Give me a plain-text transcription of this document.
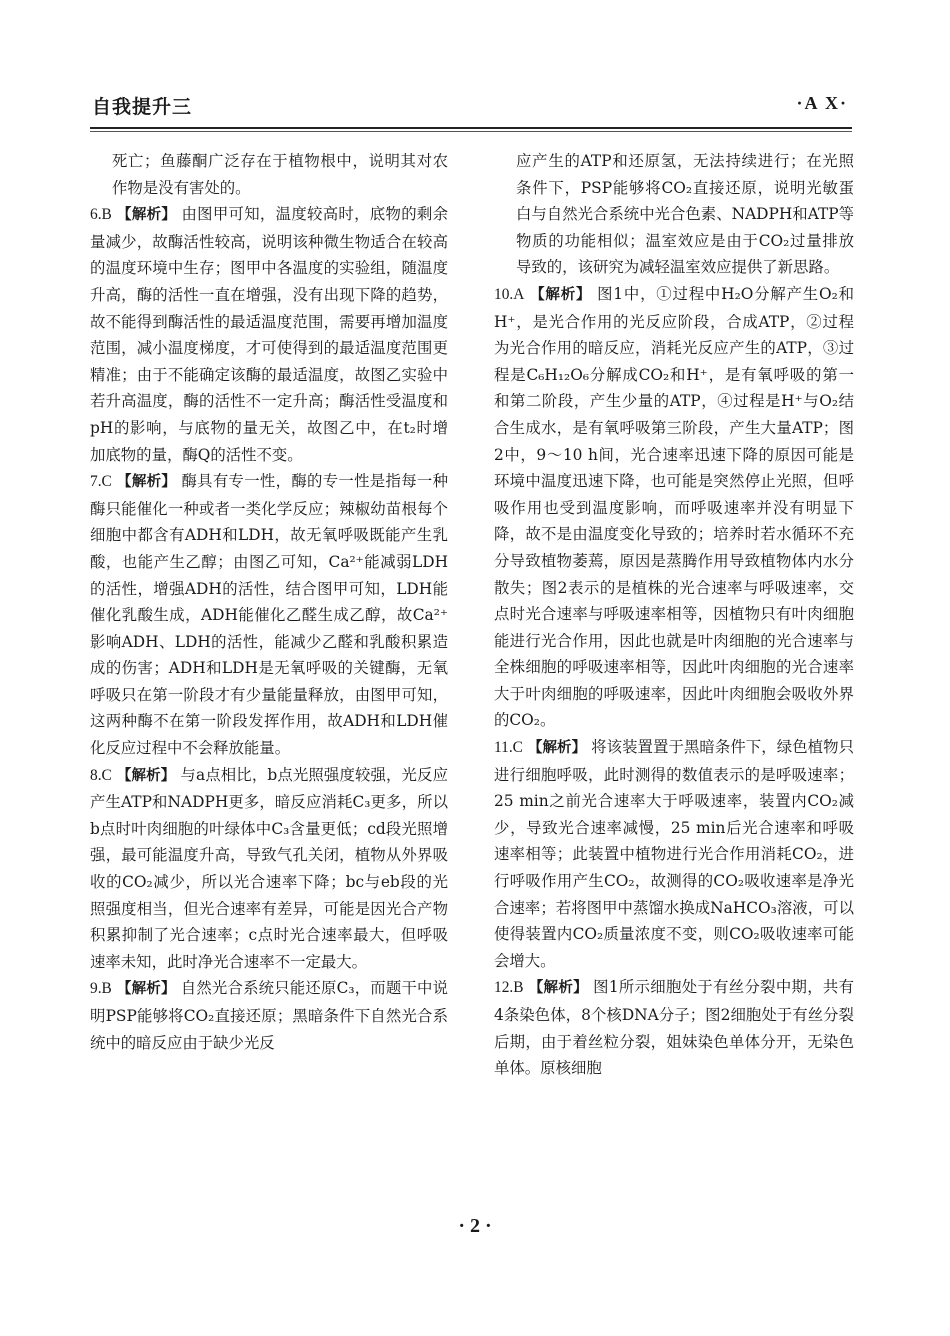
自我提升三	·A X·

死亡；鱼藤酮广泛存在于植物根中，说明其对农作物是没有害处的。

6.B 【解析】 由图甲可知，温度较高时，底物的剩余量减少，故酶活性较高，说明该种微生物适合在较高的温度环境中生存；图甲中各温度的实验组，随温度升高，酶的活性一直在增强，没有出现下降的趋势，故不能得到酶活性的最适温度范围，需要再增加温度范围，减小温度梯度，才可使得到的最适温度范围更精准；由于不能确定该酶的最适温度，故图乙实验中若升高温度，酶的活性不一定升高；酶活性受温度和pH的影响，与底物的量无关，故图乙中，在t₂时增加底物的量，酶Q的活性不变。

7.C 【解析】 酶具有专一性，酶的专一性是指每一种酶只能催化一种或者一类化学反应；辣椒幼苗根每个细胞中都含有ADH和LDH，故无氧呼吸既能产生乳酸，也能产生乙醇；由图乙可知，Ca²⁺能减弱LDH的活性，增强ADH的活性，结合图甲可知，LDH能催化乳酸生成，ADH能催化乙醛生成乙醇，故Ca²⁺影响ADH、LDH的活性，能减少乙醛和乳酸积累造成的伤害；ADH和LDH是无氧呼吸的关键酶，无氧呼吸只在第一阶段才有少量能量释放，由图甲可知，这两种酶不在第一阶段发挥作用，故ADH和LDH催化反应过程中不会释放能量。

8.C 【解析】 与a点相比，b点光照强度较强，光反应产生ATP和NADPH更多，暗反应消耗C₃更多，所以b点时叶肉细胞的叶绿体中C₃含量更低；cd段光照增强，最可能温度升高，导致气孔关闭，植物从外界吸收的CO₂减少，所以光合速率下降；bc与eb段的光照强度相当，但光合速率有差异，可能是因光合产物积累抑制了光合速率；c点时光合速率最大，但呼吸速率未知，此时净光合速率不一定最大。

9.B 【解析】 自然光合系统只能还原C₃，而题干中说明PSP能够将CO₂直接还原；黑暗条件下自然光合系统中的暗反应由于缺少光反

应产生的ATP和还原氢，无法持续进行；在光照条件下，PSP能够将CO₂直接还原，说明光敏蛋白与自然光合系统中光合色素、NADPH和ATP等物质的功能相似；温室效应是由于CO₂过量排放导致的，该研究为减轻温室效应提供了新思路。

10.A 【解析】 图1中，①过程中H₂O分解产生O₂和H⁺，是光合作用的光反应阶段，合成ATP，②过程为光合作用的暗反应，消耗光反应产生的ATP，③过程是C₆H₁₂O₆分解成CO₂和H⁺，是有氧呼吸的第一和第二阶段，产生少量的ATP，④过程是H⁺与O₂结合生成水，是有氧呼吸第三阶段，产生大量ATP；图2中，9～10 h间，光合速率迅速下降的原因可能是环境中温度迅速下降，也可能是突然停止光照，但呼吸作用也受到温度影响，而呼吸速率并没有明显下降，故不是由温度变化导致的；培养时若水循环不充分导致植物萎蔫，原因是蒸腾作用导致植物体内水分散失；图2表示的是植株的光合速率与呼吸速率，交点时光合速率与呼吸速率相等，因植物只有叶肉细胞能进行光合作用，因此也就是叶肉细胞的光合速率与全株细胞的呼吸速率相等，因此叶肉细胞的光合速率大于叶肉细胞的呼吸速率，因此叶肉细胞会吸收外界的CO₂。

11.C 【解析】 将该装置置于黑暗条件下，绿色植物只进行细胞呼吸，此时测得的数值表示的是呼吸速率；25 min之前光合速率大于呼吸速率，装置内CO₂减少，导致光合速率减慢，25 min后光合速率和呼吸速率相等；此装置中植物进行光合作用消耗CO₂，进行呼吸作用产生CO₂，故测得的CO₂吸收速率是净光合速率；若将图甲中蒸馏水换成NaHCO₃溶液，可以使得装置内CO₂质量浓度不变，则CO₂吸收速率可能会增大。

12.B 【解析】 图1所示细胞处于有丝分裂中期，共有4条染色体，8个核DNA分子；图2细胞处于有丝分裂后期，由于着丝粒分裂，姐妹染色单体分开，无染色单体。原核细胞

· 2 ·
